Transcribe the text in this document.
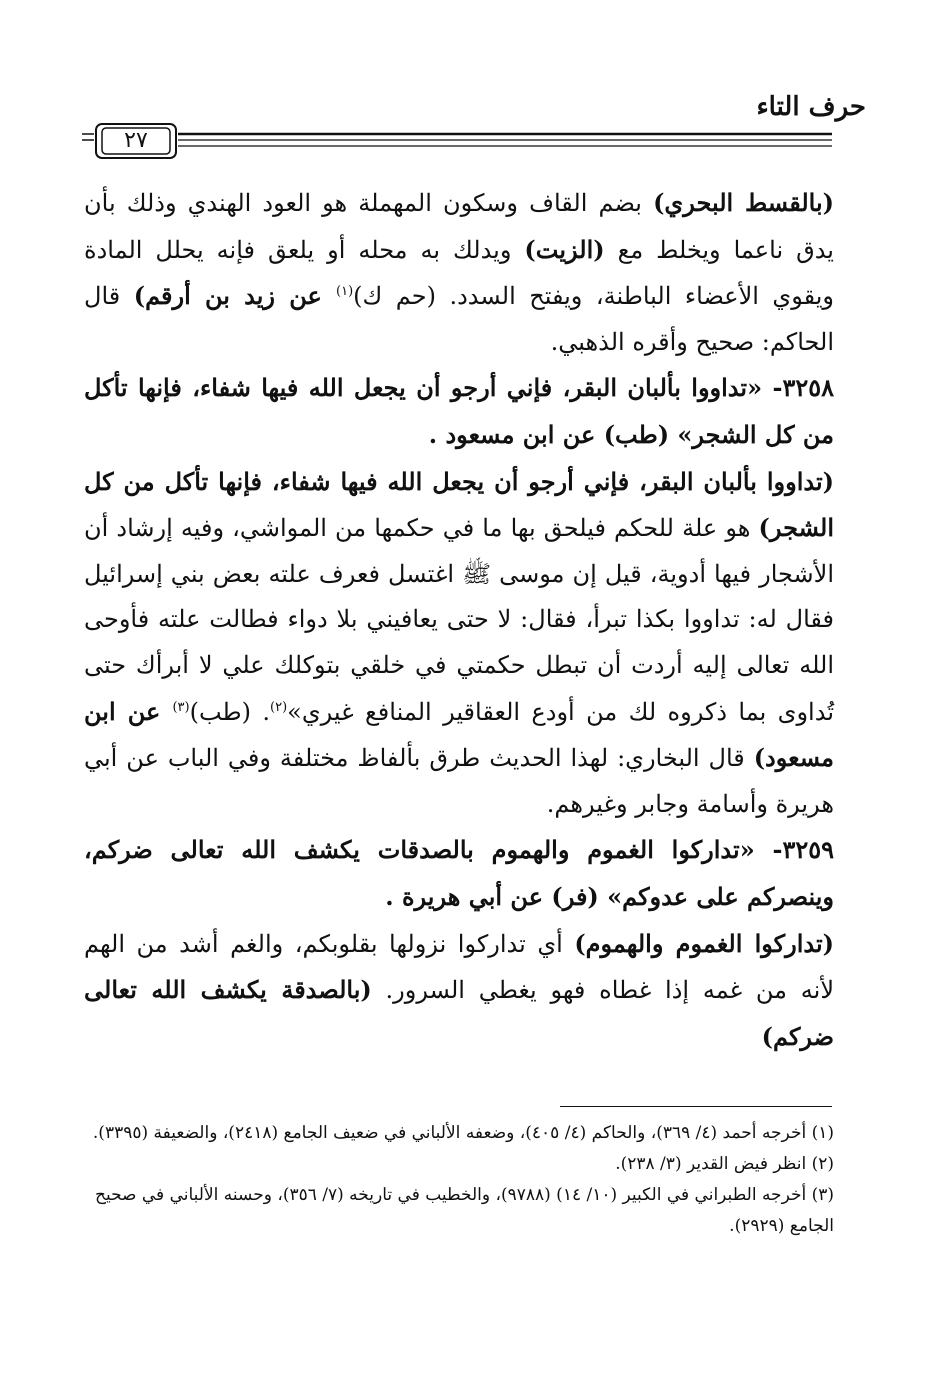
حرف التاء
٢٧

(بالقسط البحري) بضم القاف وسكون المهملة هو العود الهندي وذلك بأن يدق ناعما ويخلط مع (الزيت) ويدلك به محله أو يلعق فإنه يحلل المادة ويقوي الأعضاء الباطنة، ويفتح السدد. (حم ك)$^{(١)}$ عن زيد بن أرقم) قال الحاكم: صحيح وأقره الذهبي.

٣٢٥٨- «تداووا بألبان البقر، فإني أرجو أن يجعل الله فيها شفاء، فإنها تأكل من كل الشجر» (طب) عن ابن مسعود .

(تداووا بألبان البقر، فإني أرجو أن يجعل الله فيها شفاء، فإنها تأكل من كل الشجر) هو علة للحكم فيلحق بها ما في حكمها من المواشي، وفيه إرشاد أن الأشجار فيها أدوية، قيل إن موسى ﷺ اغتسل فعرف علته بعض بني إسرائيل فقال له: تداووا بكذا تبرأ، فقال: لا حتى يعافيني بلا دواء فطالت علته فأوحى الله تعالى إليه أردت أن تبطل حكمتي في خلقي بتوكلك علي لا أبرأك حتى تُداوى بما ذكروه لك من أودع العقاقير المنافع غيري»$^{(٢)}$. (طب)$^{(٣)}$ عن ابن مسعود) قال البخاري: لهذا الحديث طرق بألفاظ مختلفة وفي الباب عن أبي هريرة وأسامة وجابر وغيرهم.

٣٢٥٩- «تداركوا الغموم والهموم بالصدقات يكشف الله تعالى ضركم، وينصركم على عدوكم» (فر) عن أبي هريرة .

(تداركوا الغموم والهموم) أي تداركوا نزولها بقلوبكم، والغم أشد من الهم لأنه من غمه إذا غطاه فهو يغطي السرور. (بالصدقة يكشف الله تعالى ضركم)

(١) أخرجه أحمد (٤/ ٣٦٩)، والحاكم (٤/ ٤٠٥)، وضعفه الألباني في ضعيف الجامع (٢٤١٨)، والضعيفة (٣٣٩٥).

(٢) انظر فيض القدير (٣/ ٢٣٨).

(٣) أخرجه الطبراني في الكبير (١٠/ ١٤) (٩٧٨٨)، والخطيب في تاريخه (٧/ ٣٥٦)، وحسنه الألباني في صحيح الجامع (٢٩٢٩).
